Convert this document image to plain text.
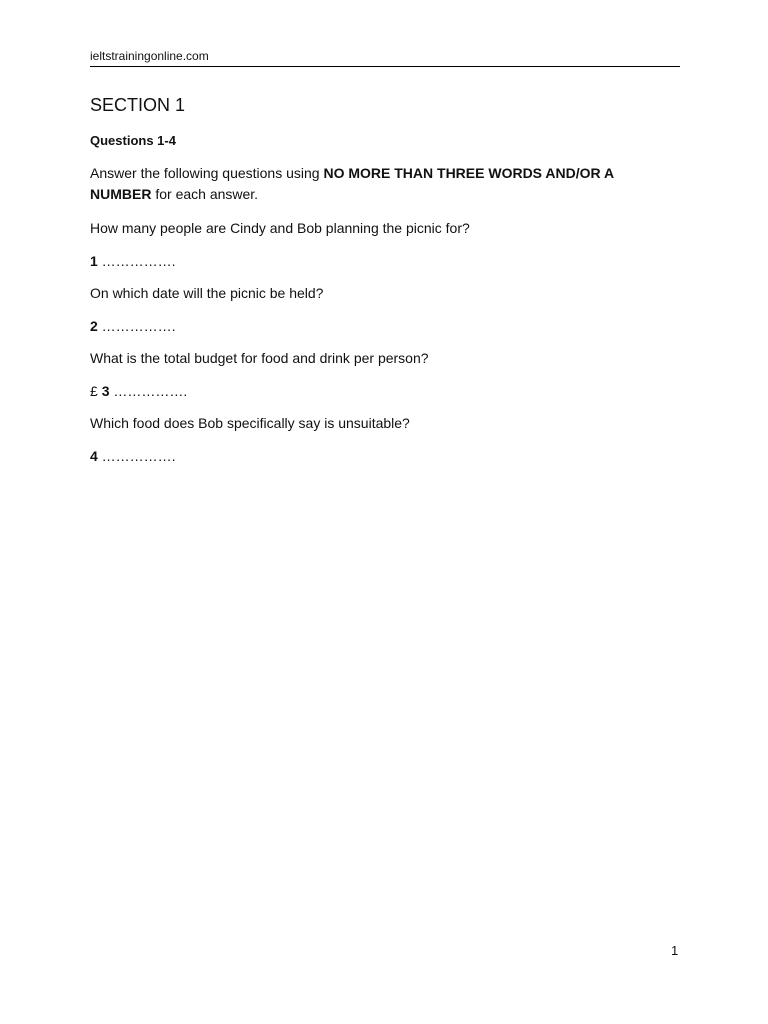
ieltstrainingonline.com
SECTION 1
Questions 1-4
Answer the following questions using NO MORE THAN THREE WORDS AND/OR A NUMBER for each answer.
How many people are Cindy and Bob planning the picnic for?
1 …………….
On which date will the picnic be held?
2 …………….
What is the total budget for food and drink per person?
£ 3 …………….
Which food does Bob specifically say is unsuitable?
4 …………….
1
